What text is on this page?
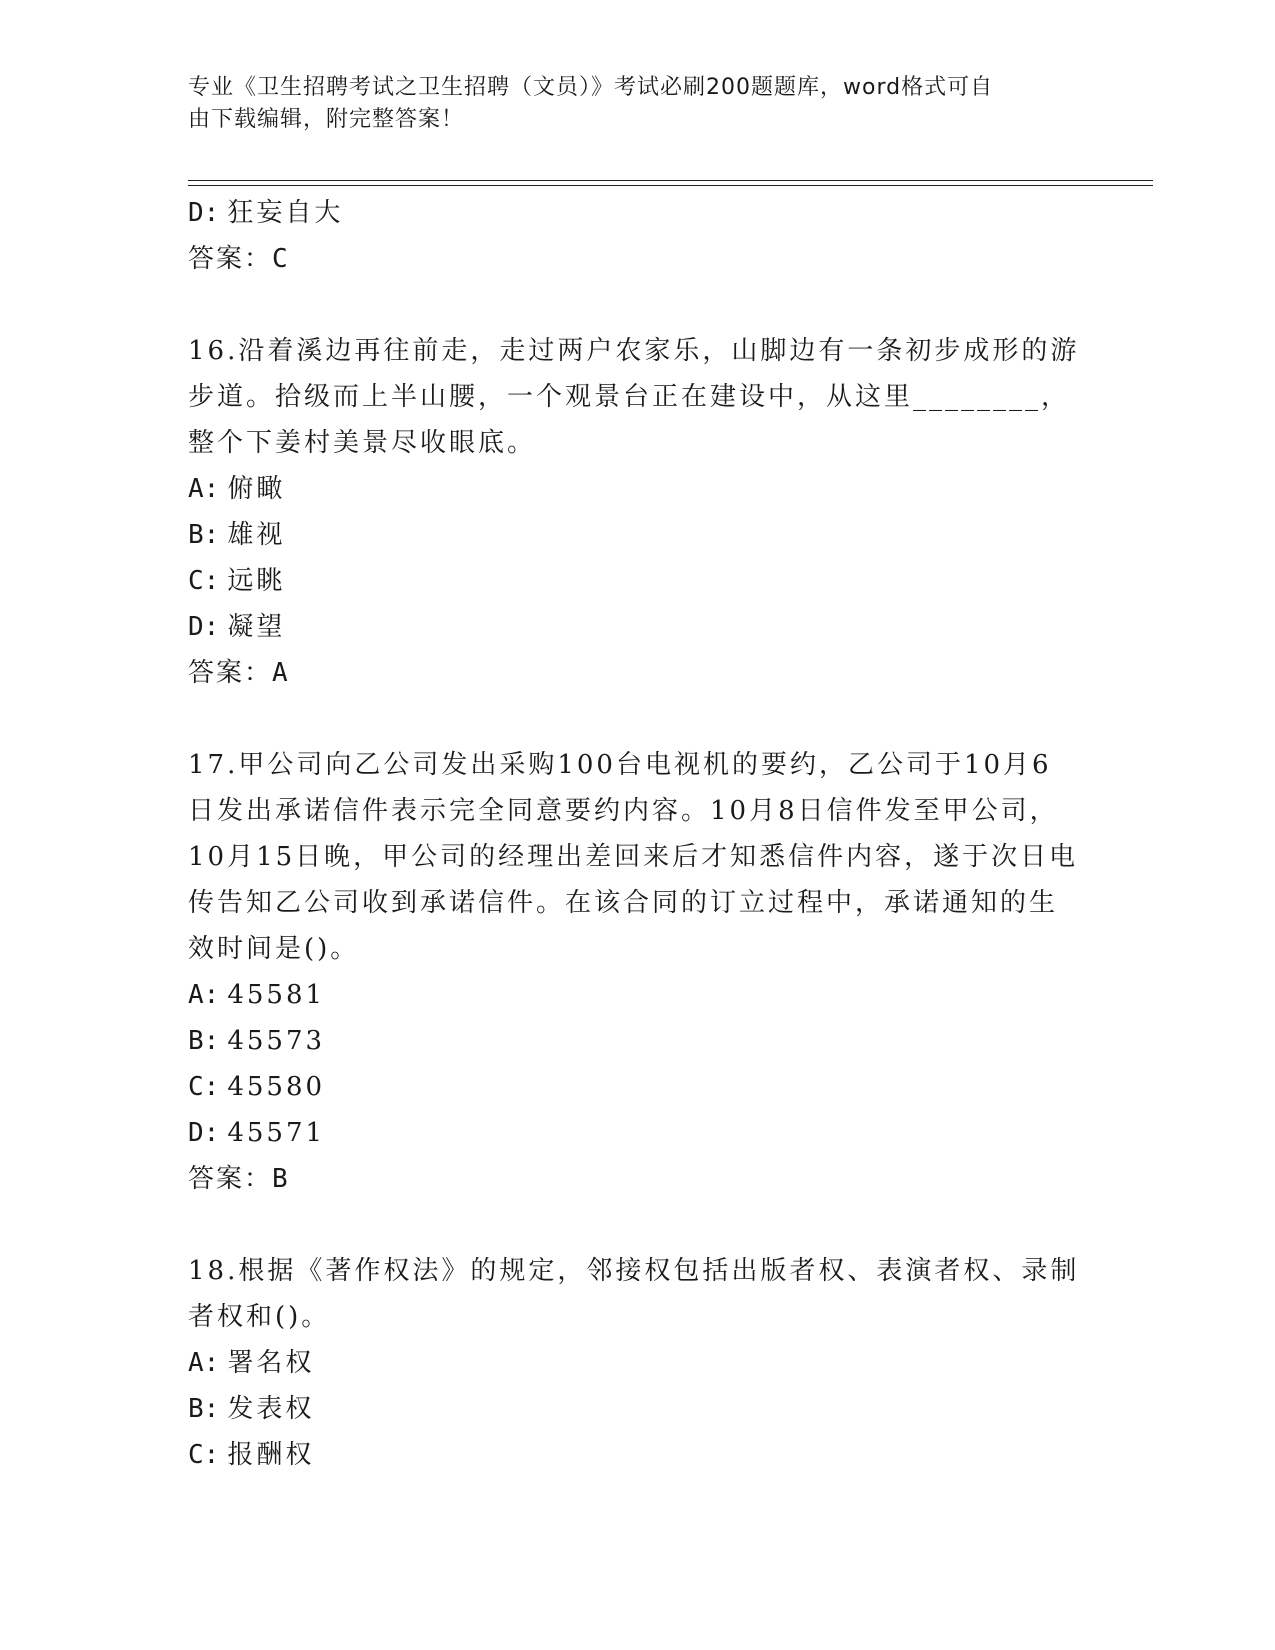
专业《卫生招聘考试之卫生招聘（文员）》考试必刷200题题库，word格式可自
由下载编辑，附完整答案！

D: 狂妄自大

答案：C

16.沿着溪边再往前走，走过两户农家乐，山脚边有一条初步成形的游

步道。拾级而上半山腰，一个观景台正在建设中，从这里________，

整个下姜村美景尽收眼底。

A: 俯瞰

B: 雄视

C: 远眺

D: 凝望

答案：A

17.甲公司向乙公司发出采购100台电视机的要约，乙公司于10月6

日发出承诺信件表示完全同意要约内容。10月8日信件发至甲公司，

10月15日晚，甲公司的经理出差回来后才知悉信件内容，遂于次日电

传告知乙公司收到承诺信件。在该合同的订立过程中，承诺通知的生

效时间是()。

A: 45581

B: 45573

C: 45580

D: 45571

答案：B

18.根据《著作权法》的规定，邻接权包括出版者权、表演者权、录制

者权和()。

A: 署名权

B: 发表权

C: 报酬权
